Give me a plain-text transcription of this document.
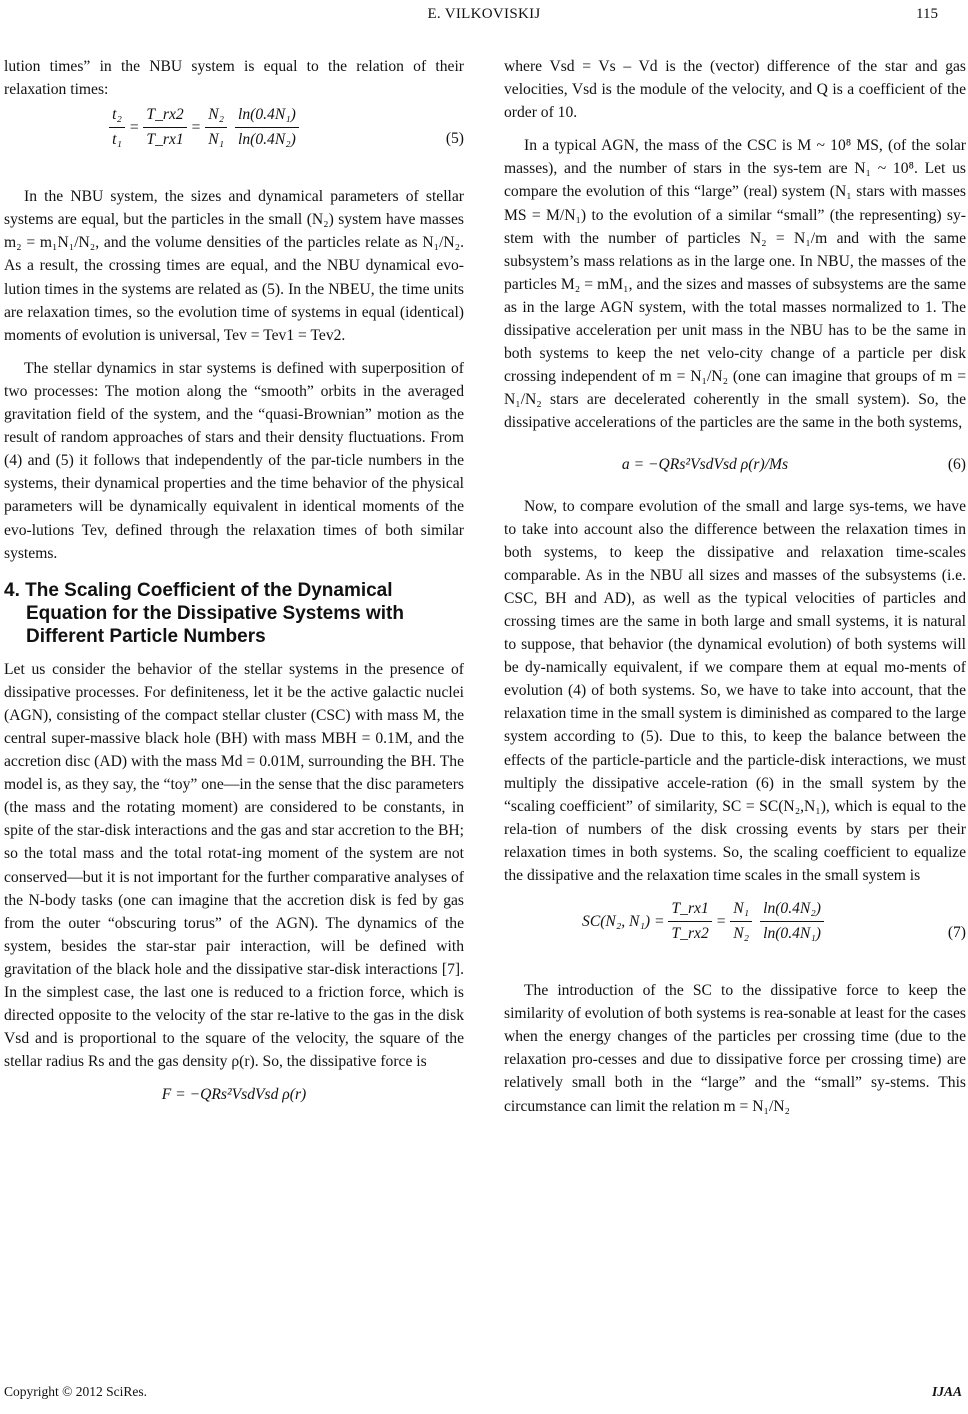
E. VILKOVISKIJ	115

lution times” in the NBU system is equal to the relation of their relaxation times:

$\frac{\text{t₂}}{\text{t₁}} = \frac{T\_rx2}{T\_rx1} = \frac{\text{N₂}}{\text{N₁}} \frac{\text{ln(0.4N₁)}}{\text{ln(0.4N₂)}}$	(5)

In the NBU system, the sizes and dynamical parameters of stellar systems are equal, but the particles in the small (N₂) system have masses m₂ = m₁N₁/N₂, and the volume densities of the particles relate as N₁/N₂. As a result, the crossing times are equal, and the NBU dynamical evo-lution times in the systems are related as (5). In the NBEU, the time units are relaxation times, so the evolution time of systems in equal (identical) moments of evolution is universal, Tev = Tev1 = Tev2.

The stellar dynamics in star systems is defined with superposition of two processes: The motion along the “smooth” orbits in the averaged gravitation field of the system, and the “quasi-Brownian” motion as the result of random approaches of stars and their density fluctuations. From (4) and (5) it follows that independently of the par-ticle numbers in the systems, their dynamical properties and the time behavior of the physical parameters will be dynamically equivalent in identical moments of the evo-lutions Tev, defined through the relaxation times of both similar systems.

4. The Scaling Coefficient of the Dynamical Equation for the Dissipative Systems with Different Particle Numbers

Let us consider the behavior of the stellar systems in the presence of dissipative processes. For definiteness, let it be the active galactic nuclei (AGN), consisting of the compact stellar cluster (CSC) with mass M, the central super-massive black hole (BH) with mass MBH = 0.1M, and the accretion disc (AD) with the mass Md = 0.01M, surrounding the BH. The model is, as they say, the “toy” one—in the sense that the disc parameters (the mass and the rotating moment) are considered to be constants, in spite of the star-disk interactions and the gas and star accretion to the BH; so the total mass and the total rotat-ing moment of the system are not conserved—but it is not important for the further comparative analyses of the N-body tasks (one can imagine that the accretion disk is fed by gas from the outer “obscuring torus” of the AGN). The dynamics of the system, besides the star-star pair interaction, will be defined with gravitation of the black hole and the dissipative star-disk interactions [7]. In the simplest case, the last one is reduced to a friction force, which is directed opposite to the velocity of the star re-lative to the gas in the disk Vsd and is proportional to the square of the velocity, the square of the stellar radius Rs and the gas density ρ(r). So, the dissipative force is

F = −QRs²VsdVsd ρ(r)

where Vsd = Vs – Vd is the (vector) difference of the star and gas velocities, Vsd is the module of the velocity, and Q is a coefficient of the order of 10.

In a typical AGN, the mass of the CSC is M ~ 10⁸ MS, (of the solar masses), and the number of stars in the sys-tem are N₁ ~ 10⁸. Let us compare the evolution of this “large” (real) system (N₁ stars with masses MS = M/N₁) to the evolution of a similar “small” (the representing) sy-stem with the number of particles N₂ = N₁/m and with the same subsystem’s mass relations as in the large one. In NBU, the masses of the particles M₂ = mM₁, and the sizes and masses of subsystems are the same as in the large AGN system, with the total masses normalized to 1. The dissipative acceleration per unit mass in the NBU has to be the same in both systems to keep the net velo-city change of a particle per disk crossing independent of m = N₁/N₂ (one can imagine that groups of m = N₁/N₂ stars are decelerated coherently in the small system). So, the dissipative accelerations of the particles are the same in the both systems,

a = −QRs²VsdVsd ρ(r)/Ms	(6)

Now, to compare evolution of the small and large sys-tems, we have to take into account also the difference between the relaxation times in both systems, to keep the dissipative and relaxation time-scales comparable. As in the NBU all sizes and masses of the subsystems (i.e. CSC, BH and AD), as well as the typical velocities of particles and crossing times are the same in both large and small systems, it is natural to suppose, that behavior (the dynamical evolution) of both systems will be dy-namically equivalent, if we compare them at equal mo-ments of evolution (4) of both systems. So, we have to take into account, that the relaxation time in the small system is diminished as compared to the large system according to (5). Due to this, to keep the balance between the effects of the particle-particle and the particle-disk interactions, we must multiply the dissipative accele-ration (6) in the small system by the “scaling coefficient” of similarity, SC = SC(N₂,N₁), which is equal to the rela-tion of numbers of the disk crossing events by stars per their relaxation times in both systems. So, the scaling coefficient to equalize the dissipative and the relaxation time scales in the small system is

SC(N₂, $N_1) = \frac{T\_rx1}{T\_rx2} = \frac{\text{N₁}}{\text{N₂}} \frac{\text{ln(0.4N₂)}}{\text{ln(0.4N₁)}}$	(7)

The introduction of the SC to the dissipative force to keep the similarity of evolution of both systems is rea-sonable at least for the cases when the energy changes of the particles per crossing time (due to the relaxation pro-cesses and due to dissipative force per crossing time) are relatively small both in the “large” and the “small” sy-stems. This circumstance can limit the relation m = N₁/N₂

Copyright © 2012 SciRes.	IJAA
